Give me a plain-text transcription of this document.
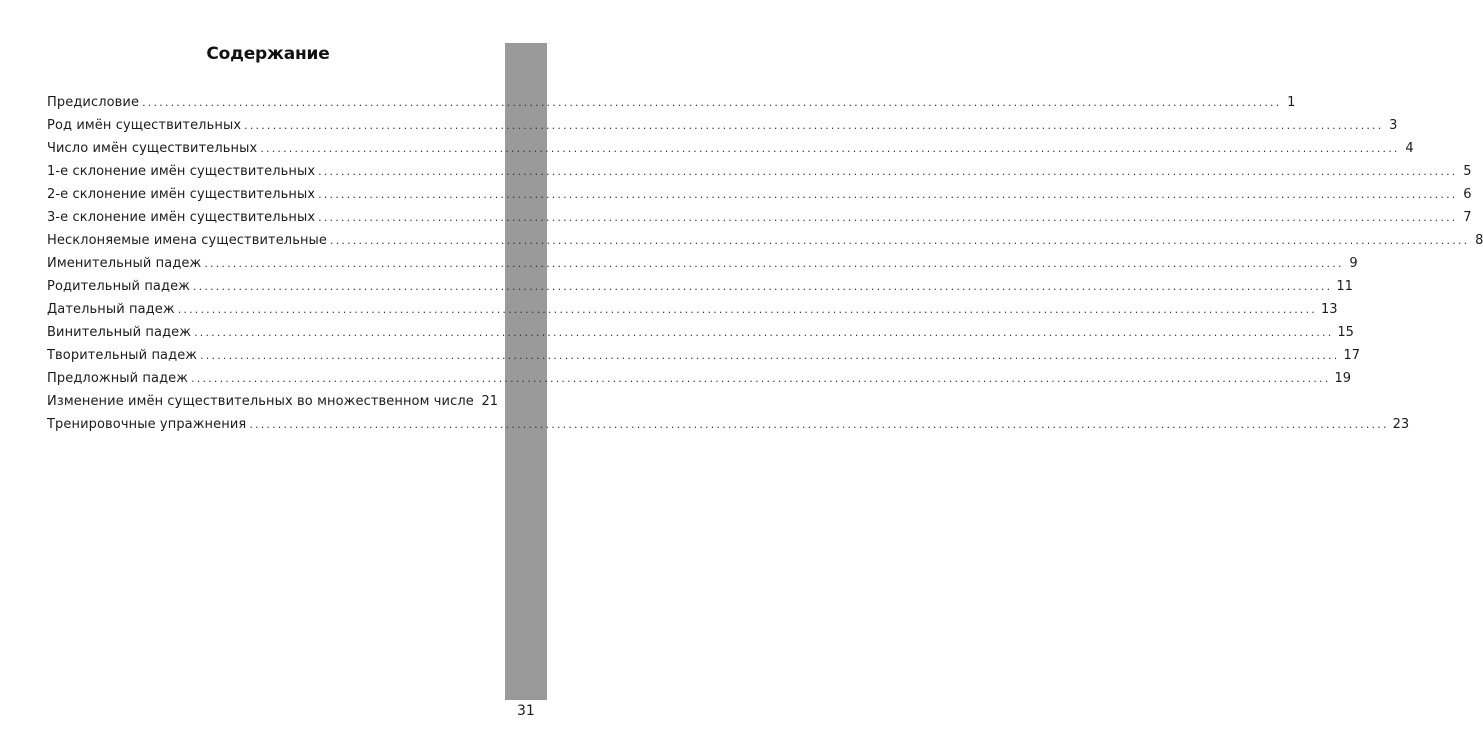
Содержание
Предисловие ........................................................................................................................................................................................................ 1
Род имён существительных ........................................................................................................................................................................................................ 3
Число имён существительных ........................................................................................................................................................................................................ 4
1-е склонение имён существительных ........................................................................................................................................................................................................ 5
2-е склонение имён существительных ........................................................................................................................................................................................................ 6
3-е склонение имён существительных ........................................................................................................................................................................................................ 7
Несклоняемые имена существительные ........................................................................................................................................................................................................ 8
Именительный падеж ........................................................................................................................................................................................................ 9
Родительный падеж ........................................................................................................................................................................................................ 11
Дательный падеж ........................................................................................................................................................................................................ 13
Винительный падеж ........................................................................................................................................................................................................ 15
Творительный падеж ........................................................................................................................................................................................................ 17
Предложный падеж ........................................................................................................................................................................................................ 19
Изменение имён существительных во множественном числе 21
Тренировочные упражнения ........................................................................................................................................................................................................ 23
31
